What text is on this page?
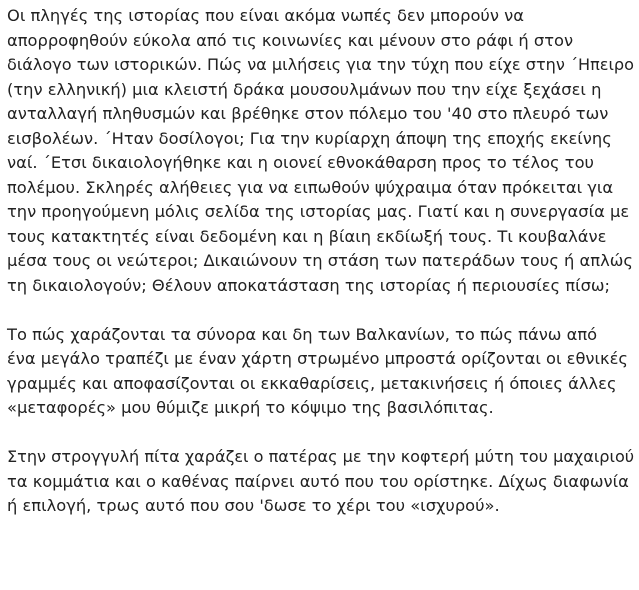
Οι πληγές της ιστορίας που είναι ακόμα νωπές δεν μπορούν να
απορροφηθούν εύκολα από τις κοινωνίες και μένουν στο ράφι ή στον
διάλογο των ιστορικών. Πώς να μιλήσεις για την τύχη που είχε στην ΄Ηπειρο
(την ελληνική) μια κλειστή δράκα μουσουλμάνων που την είχε ξεχάσει η
ανταλλαγή πληθυσμών και βρέθηκε στον πόλεμο του '40 στο πλευρό των
εισβολέων. ΄Ηταν δοσίλογοι; Για την κυρίαρχη άποψη της εποχής εκείνης
ναί. ΄Ετσι δικαιολογήθηκε και η οιονεί εθνοκάθαρση προς το τέλος του
πολέμου. Σκληρές αλήθειες για να ειπωθούν ψύχραιμα όταν πρόκειται για
την προηγούμενη μόλις σελίδα της ιστορίας μας. Γιατί και η συνεργασία με
τους κατακτητές είναι δεδομένη και η βίαιη εκδίωξή τους. Τι κουβαλάνε
μέσα τους οι νεώτεροι; Δικαιώνουν τη στάση των πατεράδων τους ή απλώς
τη δικαιολογούν; Θέλουν αποκατάσταση της ιστορίας ή περιουσίες πίσω;

Το πώς χαράζονται τα σύνορα και δη των Βαλκανίων, το πώς πάνω από
ένα μεγάλο τραπέζι με έναν χάρτη στρωμένο μπροστά ορίζονται οι εθνικές
γραμμές και αποφασίζονται οι εκκαθαρίσεις, μετακινήσεις ή όποιες άλλες
«μεταφορές» μου θύμιζε μικρή το κόψιμο της βασιλόπιτας.

Στην στρογγυλή πίτα χαράζει ο πατέρας με την κοφτερή μύτη του μαχαιριού
τα κομμάτια και ο καθένας παίρνει αυτό που του ορίστηκε. Δίχως διαφωνία
ή επιλογή, τρως αυτό που σου 'δωσε το χέρι του «ισχυρού».
